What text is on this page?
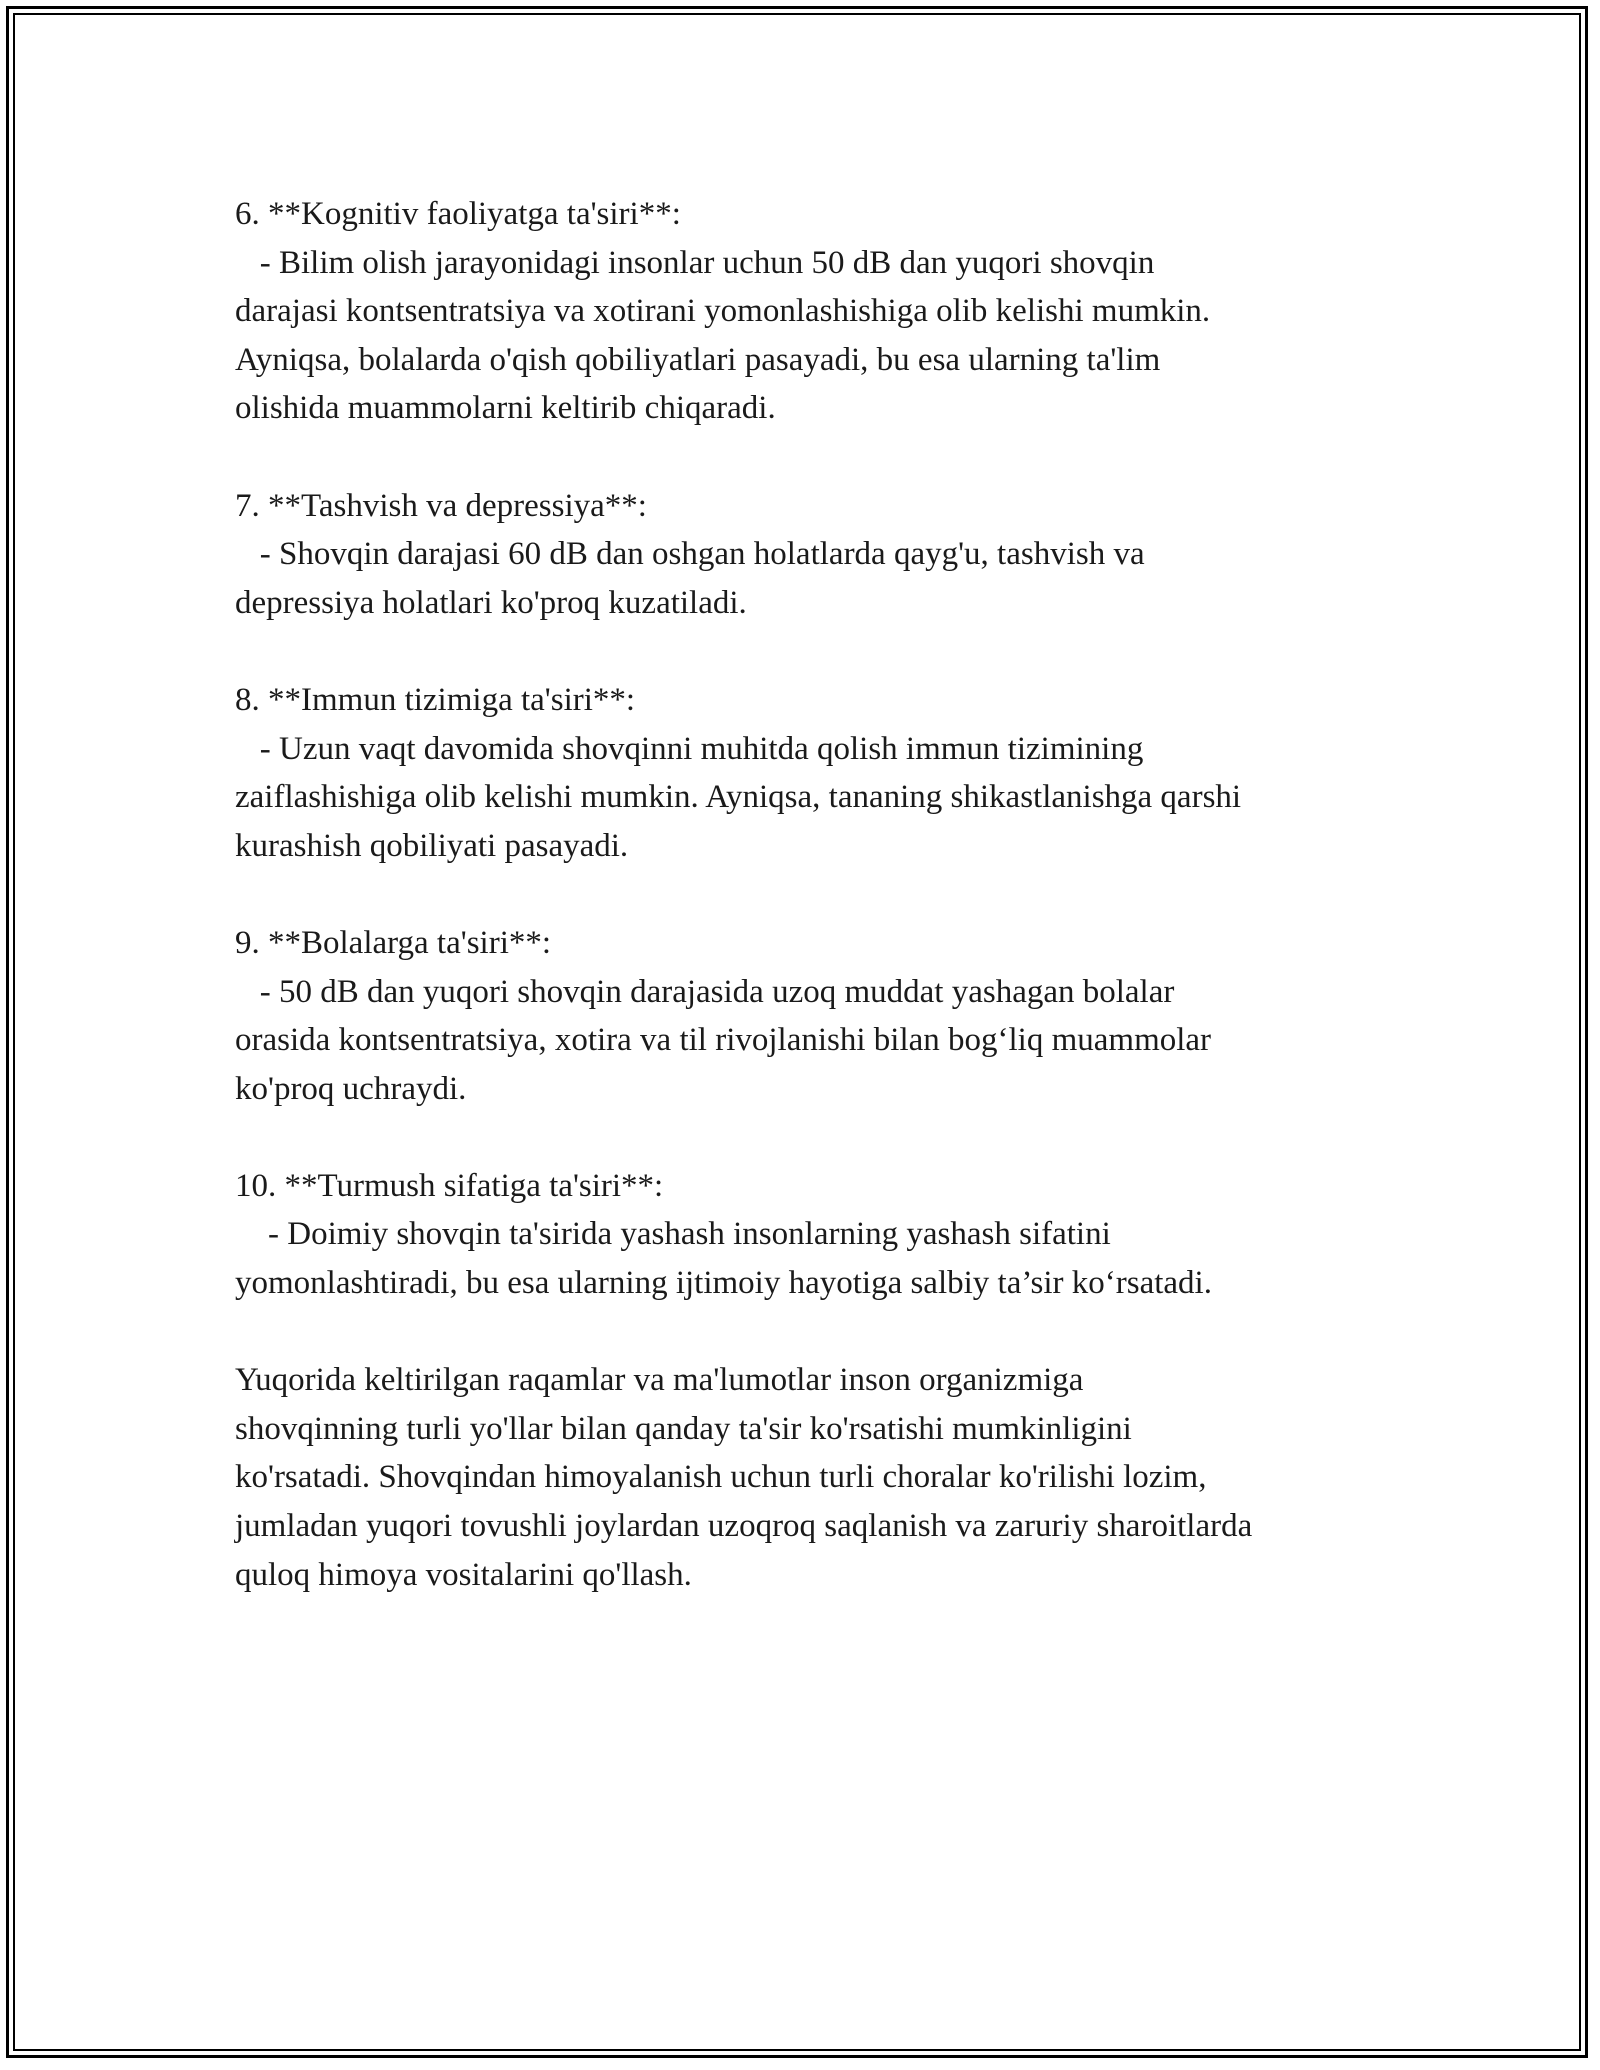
6. **Kognitiv faoliyatga ta'siri**:
- Bilim olish jarayonidagi insonlar uchun 50 dB dan yuqori shovqin
darajasi kontsentratsiya va xotirani yomonlashishiga olib kelishi mumkin.
Ayniqsa, bolalarda o'qish qobiliyatlari pasayadi, bu esa ularning ta'lim
olishida muammolarni keltirib chiqaradi.
7. **Tashvish va depressiya**:
- Shovqin darajasi 60 dB dan oshgan holatlarda qayg'u, tashvish va
depressiya holatlari ko'proq kuzatiladi.
8. **Immun tizimiga ta'siri**:
- Uzun vaqt davomida shovqinni muhitda qolish immun tizimining
zaiflashishiga olib kelishi mumkin. Ayniqsa, tananing shikastlanishga qarshi
kurashish qobiliyati pasayadi.
9. **Bolalarga ta'siri**:
- 50 dB dan yuqori shovqin darajasida uzoq muddat yashagan bolalar
orasida kontsentratsiya, xotira va til rivojlanishi bilan bog‘liq muammolar
ko'proq uchraydi.
10. **Turmush sifatiga ta'siri**:
- Doimiy shovqin ta'sirida yashash insonlarning yashash sifatini
yomonlashtiradi, bu esa ularning ijtimoiy hayotiga salbiy ta’sir ko‘rsatadi.
Yuqorida keltirilgan raqamlar va ma'lumotlar inson organizmiga
shovqinning turli yo'llar bilan qanday ta'sir ko'rsatishi mumkinligini
ko'rsatadi. Shovqindan himoyalanish uchun turli choralar ko'rilishi lozim,
jumladan yuqori tovushli joylardan uzoqroq saqlanish va zaruriy sharoitlarda
quloq himoya vositalarini qo'llash.
